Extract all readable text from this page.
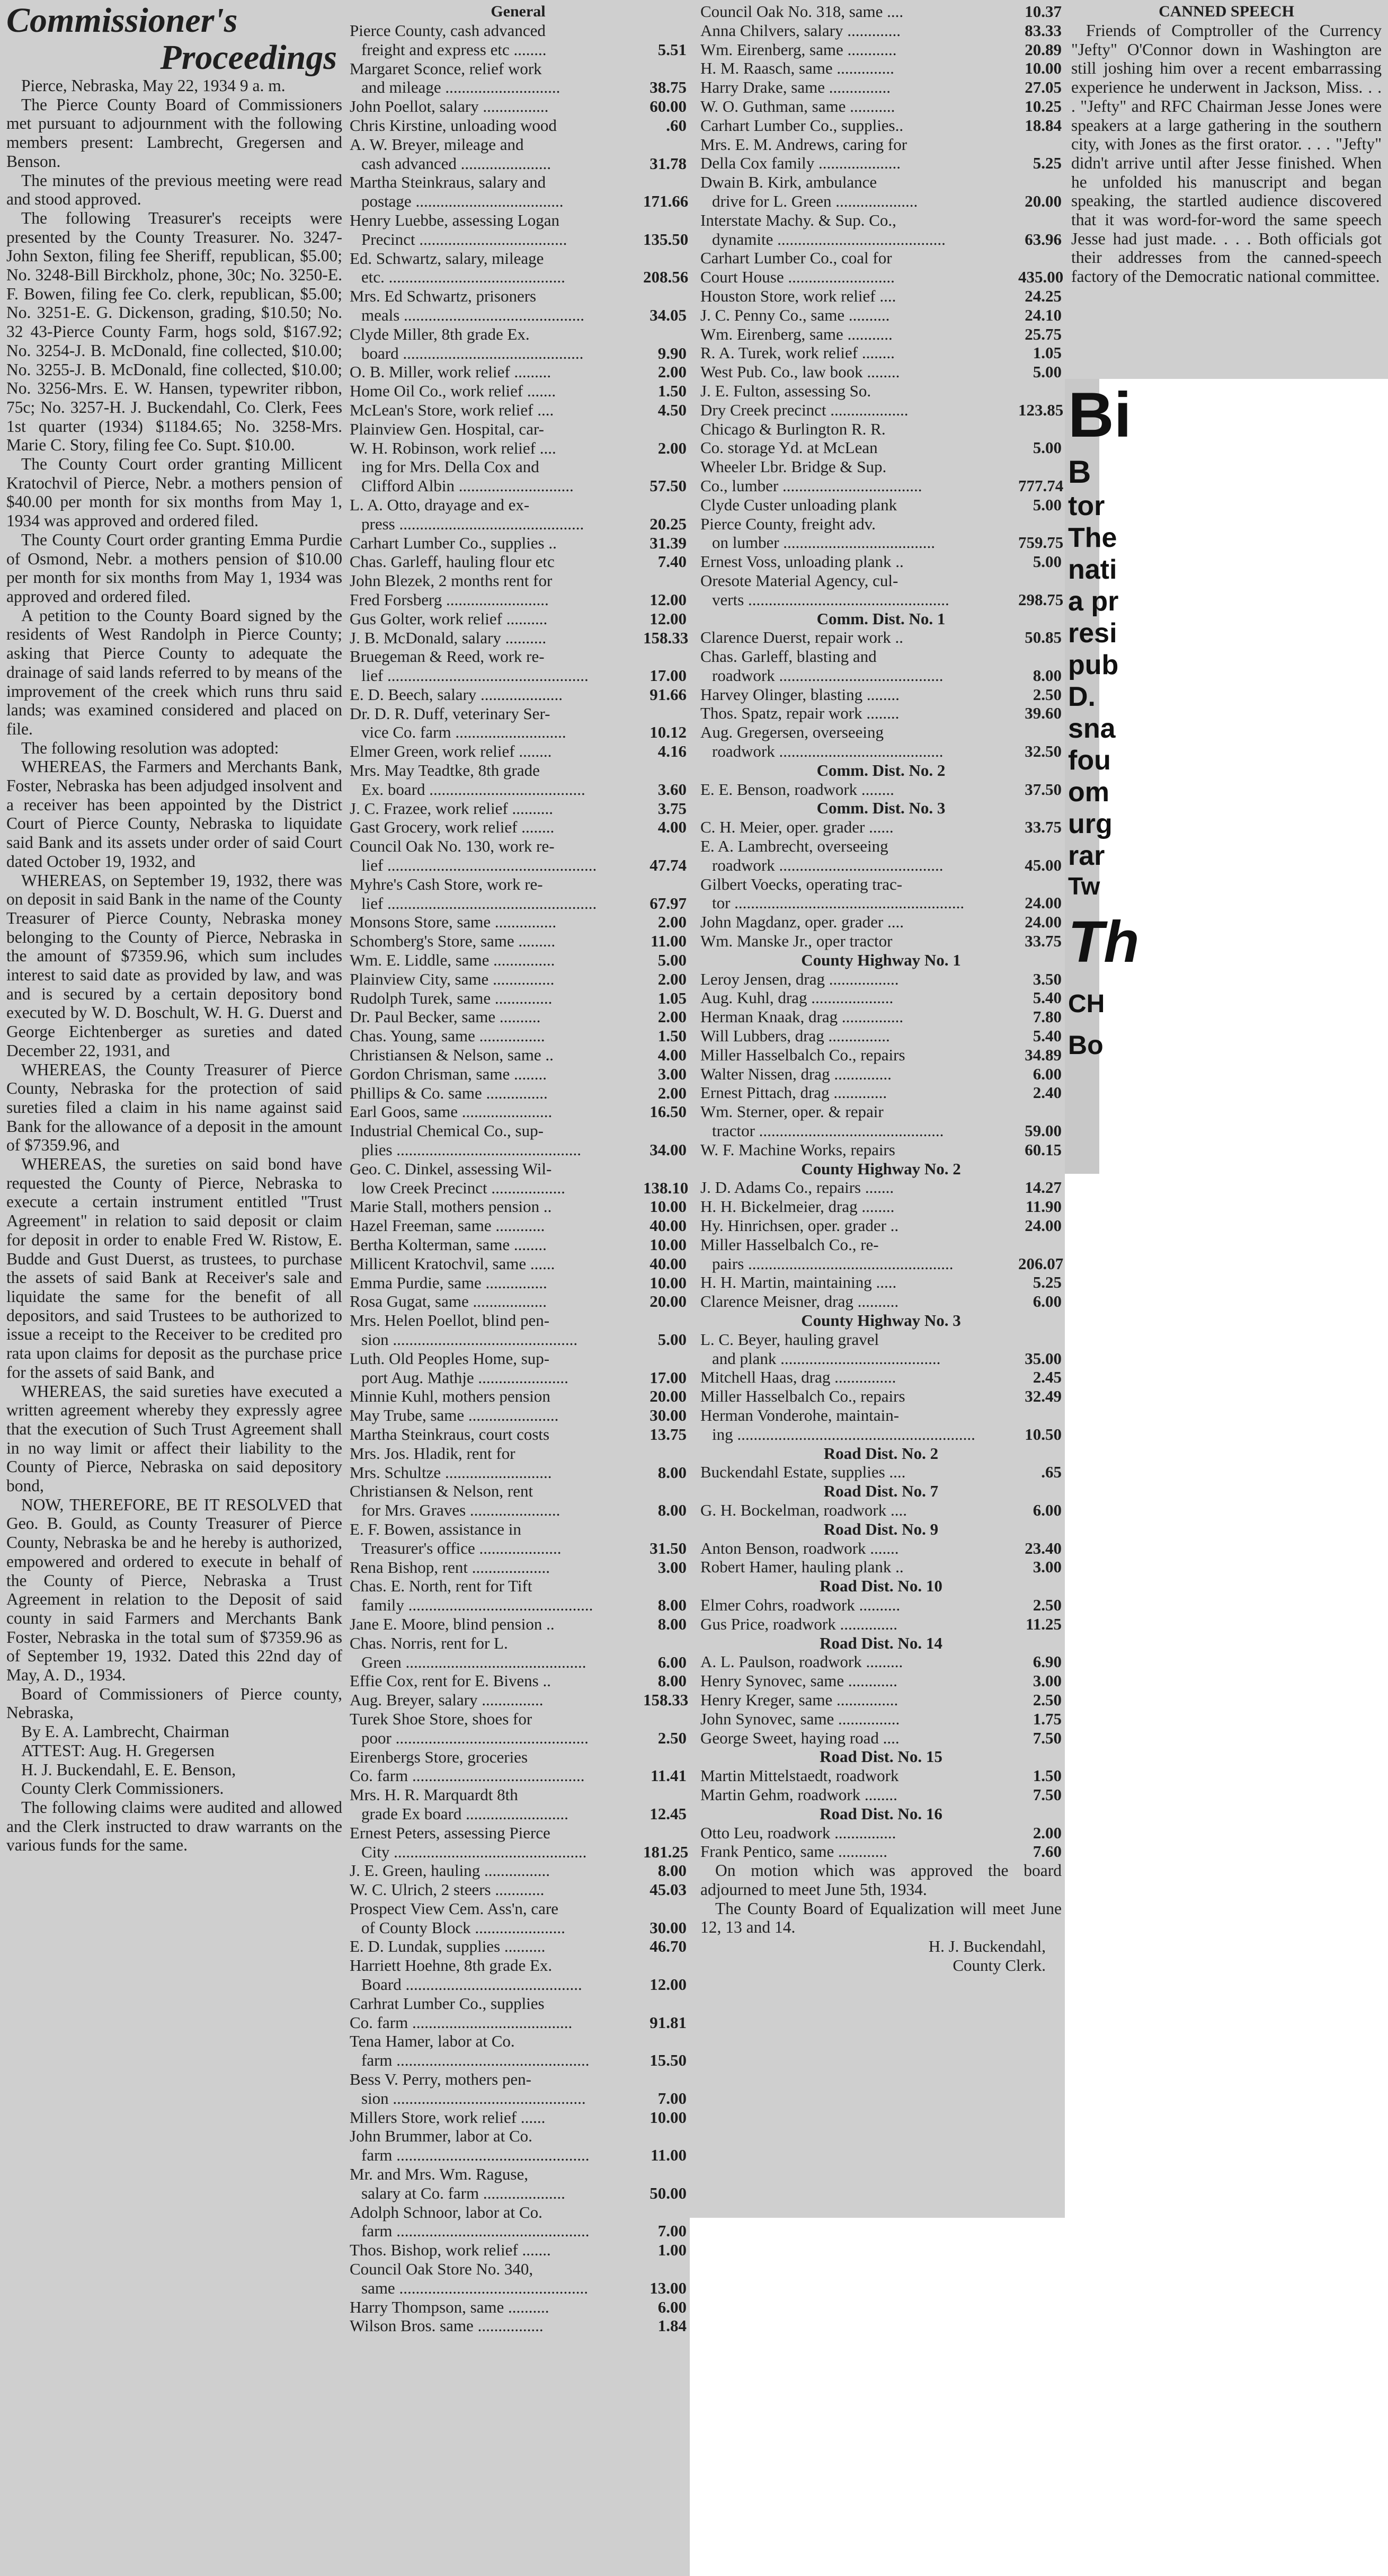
Commissioner's
Proceedings

Pierce, Nebraska, May 22, 1934 9 a. m.

The Pierce County Board of Commissioners met pursuant to adjournment with the following members present: Lambrecht, Gregersen and Benson.

The minutes of the previous meeting were read and stood approved.

The following Treasurer's receipts were presented by the County Treasurer. No. 3247-John Sexton, filing fee Sheriff, republican, $5.00; No. 3248-Bill Birckholz, phone, 30c; No. 3250-E. F. Bowen, filing fee Co. clerk, republican, $5.00; No. 3251-E. G. Dickenson, grading, $10.50; No. 32 43-Pierce County Farm, hogs sold, $167.92; No. 3254-J. B. McDonald, fine collected, $10.00; No. 3255-J. B. McDonald, fine collected, $10.00; No. 3256-Mrs. E. W. Hansen, typewriter ribbon, 75c; No. 3257-H. J. Buckendahl, Co. Clerk, Fees 1st quarter (1934) $1184.65; No. 3258-Mrs. Marie C. Story, filing fee Co. Supt. $10.00.

The County Court order granting Millicent Kratochvil of Pierce, Nebr. a mothers pension of $40.00 per month for six months from May 1, 1934 was approved and ordered filed.

The County Court order granting Emma Purdie of Osmond, Nebr. a mothers pension of $10.00 per month for six months from May 1, 1934 was approved and ordered filed.

A petition to the County Board signed by the residents of West Randolph in Pierce County; asking that Pierce County to adequate the drainage of said lands referred to by means of the improvement of the creek which runs thru said lands; was examined considered and placed on file.

The following resolution was adopted:

WHEREAS, the Farmers and Merchants Bank, Foster, Nebraska has been adjudged insolvent and a receiver has been appointed by the District Court of Pierce County, Nebraska to liquidate said Bank and its assets under order of said Court dated October 19, 1932, and

WHEREAS, on September 19, 1932, there was on deposit in said Bank in the name of the County Treasurer of Pierce County, Nebraska money belonging to the County of Pierce, Nebraska in the amount of $7359.96, which sum includes interest to said date as provided by law, and was and is secured by a certain depository bond executed by W. D. Boschult, W. H. G. Duerst and George Eichtenberger as sureties and dated December 22, 1931, and

WHEREAS, the County Treasurer of Pierce County, Nebraska for the protection of said sureties filed a claim in his name against said Bank for the allowance of a deposit in the amount of $7359.96, and

WHEREAS, the sureties on said bond have requested the County of Pierce, Nebraska to execute a certain instrument entitled "Trust Agreement" in relation to said deposit or claim for deposit in order to enable Fred W. Ristow, E. Budde and Gust Duerst, as trustees, to purchase the assets of said Bank at Receiver's sale and liquidate the same for the benefit of all depositors, and said Trustees to be authorized to issue a receipt to the Receiver to be credited pro rata upon claims for deposit as the purchase price for the assets of said Bank, and

WHEREAS, the said sureties have executed a written agreement whereby they expressly agree that the execution of Such Trust Agreement shall in no way limit or affect their liability to the County of Pierce, Nebraska on said depository bond,

NOW, THEREFORE, BE IT RESOLVED that Geo. B. Gould, as County Treasurer of Pierce County, Nebraska be and he hereby is authorized, empowered and ordered to execute in behalf of the County of Pierce, Nebraska a Trust Agreement in relation to the Deposit of said county in said Farmers and Merchants Bank Foster, Nebraska in the total sum of $7359.96 as of September 19, 1932. Dated this 22nd day of May, A. D., 1934.

Board of Commissioners of Pierce county, Nebraska,

By E. A. Lambrecht, Chairman

ATTEST: Aug. H. Gregersen

H. J. Buckendahl, E. E. Benson,

County Clerk Commissioners.

The following claims were audited and allowed and the Clerk instructed to draw warrants on the various funds for the same.

General

Pierce County, cash advanced
freight and express etc ........	5.51
Margaret Sconce, relief work
and mileage ............................	38.75
John Poellot, salary ................	60.00
Chris Kirstine, unloading wood	.60
A. W. Breyer, mileage and
cash advanced ......................	31.78
Martha Steinkraus, salary and
postage ....................................	171.66
Henry Luebbe, assessing Logan
Precinct ....................................	135.50
Ed. Schwartz, salary, mileage
etc. ...........................................	208.56
Mrs. Ed Schwartz, prisoners
meals ............................................	34.05
Clyde Miller, 8th grade Ex.
board ............................................	9.90
O. B. Miller, work relief .........	2.00
Home Oil Co., work relief .......	1.50
McLean's Store, work relief ....	4.50
Plainview Gen. Hospital, car-
W. H. Robinson, work relief ....	2.00
ing for Mrs. Della Cox and
Clifford Albin ............................	57.50
L. A. Otto, drayage and ex-
press .............................................	20.25
Carhart Lumber Co., supplies ..	31.39
Chas. Garleff, hauling flour etc	7.40
John Blezek, 2 months rent for
Fred Forsberg .........................	12.00
Gus Golter, work relief ..........	12.00
J. B. McDonald, salary ..........	158.33
Bruegeman & Reed, work re-
lief .................................................	17.00
E. D. Beech, salary ....................	91.66
Dr. D. R. Duff, veterinary Ser-
vice Co. farm ...........................	10.12
Elmer Green, work relief ........	4.16
Mrs. May Teadtke, 8th grade
Ex. board ......................................	3.60
J. C. Frazee, work relief ..........	3.75
Gast Grocery, work relief ........	4.00
Council Oak No. 130, work re-
lief ...................................................	47.74
Myhre's Cash Store, work re-
lief ...................................................	67.97
Monsons Store, same ...............	2.00
Schomberg's Store, same .........	11.00
Wm. E. Liddle, same ...............	5.00
Plainview City, same ...............	2.00
Rudolph Turek, same ..............	1.05
Dr. Paul Becker, same ..........	2.00
Chas. Young, same ................	1.50
Christiansen & Nelson, same ..	4.00
Gordon Chrisman, same ........	3.00
Phillips & Co. same ...............	2.00
Earl Goos, same ......................	16.50
Industrial Chemical Co., sup-
plies .............................................	34.00
Geo. C. Dinkel, assessing Wil-
low Creek Precinct ..................	138.10
Marie Stall, mothers pension ..	10.00
Hazel Freeman, same ............	40.00
Bertha Kolterman, same ........	10.00
Millicent Kratochvil, same ......	40.00
Emma Purdie, same ...............	10.00
Rosa Gugat, same ..................	20.00
Mrs. Helen Poellot, blind pen-
sion .............................................	5.00
Luth. Old Peoples Home, sup-
port Aug. Mathje ......................	17.00
Minnie Kuhl, mothers pension	20.00
May Trube, same ......................	30.00
Martha Steinkraus, court costs	13.75
Mrs. Jos. Hladik, rent for
Mrs. Schultze ..........................	8.00
Christiansen & Nelson, rent
for Mrs. Graves ......................	8.00
E. F. Bowen, assistance in
Treasurer's office ....................	31.50
Rena Bishop, rent ...................	3.00
Chas. E. North, rent for Tift
family .............................................	8.00
Jane E. Moore, blind pension ..	8.00
Chas. Norris, rent for L.
Green ............................................	6.00
Effie Cox, rent for E. Bivens ..	8.00
Aug. Breyer, salary ...............	158.33
Turek Shoe Store, shoes for
poor ...............................................	2.50
Eirenbergs Store, groceries
Co. farm ..........................................	11.41
Mrs. H. R. Marquardt 8th
grade Ex board .........................	12.45
Ernest Peters, assessing Pierce
City ...............................................	181.25
J. E. Green, hauling ................	8.00
W. C. Ulrich, 2 steers ............	45.03
Prospect View Cem. Ass'n, care
of County Block ......................	30.00
E. D. Lundak, supplies ..........	46.70
Harriett Hoehne, 8th grade Ex.
Board ...........................................	12.00
Carhrat Lumber Co., supplies
Co. farm .......................................	91.81
Tena Hamer, labor at Co.
farm ...............................................	15.50
Bess V. Perry, mothers pen-
sion ...............................................	7.00
Millers Store, work relief ......	10.00
John Brummer, labor at Co.
farm ...............................................	11.00
Mr. and Mrs. Wm. Raguse,
salary at Co. farm ....................	50.00
Adolph Schnoor, labor at Co.
farm ...............................................	7.00
Thos. Bishop, work relief .......	1.00
Council Oak Store No. 340,
same ..............................................	13.00
Harry Thompson, same ..........	6.00
Wilson Bros. same ................	1.84
Council Oak No. 318, same ....	10.37
Anna Chilvers, salary .............	83.33
Wm. Eirenberg, same ............	20.89
H. M. Raasch, same ..............	10.00
Harry Drake, same ...............	27.05
W. O. Guthman, same ...........	10.25
Carhart Lumber Co., supplies..	18.84
Mrs. E. M. Andrews, caring for
Della Cox family ....................	5.25
Dwain B. Kirk, ambulance
drive for L. Green ....................	20.00
Interstate Machy. & Sup. Co.,
dynamite .........................................	63.96
Carhart Lumber Co., coal for
Court House ..........................	435.00
Houston Store, work relief ....	24.25
J. C. Penny Co., same ..........	24.10
Wm. Eirenberg, same ...........	25.75
R. A. Turek, work relief ........	1.05
West Pub. Co., law book ........	5.00
J. E. Fulton, assessing So.
Dry Creek precinct ...................	123.85
Chicago & Burlington R. R.
Co. storage Yd. at McLean	5.00
Wheeler Lbr. Bridge & Sup.
Co., lumber ..................................	777.74
Clyde Custer unloading plank	5.00
Pierce County, freight adv.
on lumber .....................................	759.75
Ernest Voss, unloading plank ..	5.00
Oresote Material Agency, cul-
verts .................................................	298.75
Comm. Dist. No. 1
Clarence Duerst, repair work ..	50.85
Chas. Garleff, blasting and
roadwork ........................................	8.00
Harvey Olinger, blasting ........	2.50
Thos. Spatz, repair work ........	39.60
Aug. Gregersen, overseeing
roadwork ........................................	32.50
Comm. Dist. No. 2
E. E. Benson, roadwork ........	37.50
Comm. Dist. No. 3
C. H. Meier, oper. grader ......	33.75
E. A. Lambrecht, overseeing
roadwork ........................................	45.00
Gilbert Voecks, operating trac-
tor ........................................................	24.00
John Magdanz, oper. grader ....	24.00
Wm. Manske Jr., oper tractor	33.75
County Highway No. 1
Leroy Jensen, drag .................	3.50
Aug. Kuhl, drag ....................	5.40
Herman Knaak, drag ...............	7.80
Will Lubbers, drag ...............	5.40
Miller Hasselbalch Co., repairs	34.89
Walter Nissen, drag ..............	6.00
Ernest Pittach, drag .............	2.40
Wm. Sterner, oper. & repair
tractor .............................................	59.00
W. F. Machine Works, repairs	60.15
County Highway No. 2
J. D. Adams Co., repairs .......	14.27
H. H. Bickelmeier, drag ........	11.90
Hy. Hinrichsen, oper. grader ..	24.00
Miller Hasselbalch Co., re-
pairs ..................................................	206.07
H. H. Martin, maintaining .....	5.25
Clarence Meisner, drag ..........	6.00
County Highway No. 3
L. C. Beyer, hauling gravel
and plank .......................................	35.00
Mitchell Haas, drag ...............	2.45
Miller Hasselbalch Co., repairs	32.49
Herman Vonderohe, maintain-
ing ..........................................................	10.50
Road Dist. No. 2
Buckendahl Estate, supplies ....	.65
Road Dist. No. 7
G. H. Bockelman, roadwork ....	6.00
Road Dist. No. 9
Anton Benson, roadwork .......	23.40
Robert Hamer, hauling plank ..	3.00
Road Dist. No. 10
Elmer Cohrs, roadwork ..........	2.50
Gus Price, roadwork ..............	11.25
Road Dist. No. 14
A. L. Paulson, roadwork .........	6.90
Henry Synovec, same ............	3.00
Henry Kreger, same ...............	2.50
John Synovec, same ...............	1.75
George Sweet, haying road ....	7.50
Road Dist. No. 15
Martin Mittelstaedt, roadwork	1.50
Martin Gehm, roadwork ........	7.50
Road Dist. No. 16
Otto Leu, roadwork ...............	2.00
Frank Pentico, same ............	7.60

On motion which was approved the board adjourned to meet June 5th, 1934.

The County Board of Equalization will meet June 12, 13 and 14.

H. J. Buckendahl,

County Clerk.

CANNED SPEECH

Friends of Comptroller of the Currency "Jefty" O'Connor down in Washington are still joshing him over a recent embarrassing experience he underwent in Jackson, Miss. . . . "Jefty" and RFC Chairman Jesse Jones were speakers at a large gathering in the southern city, with Jones as the first orator. . . . "Jefty" didn't arrive until after Jesse finished. When he unfolded his manuscript and began speaking, the startled audience discovered that it was word-for-word the same speech Jesse had just made. . . . Both officials got their addresses from the canned-speech factory of the Democratic national committee.

Bi
B
tor
The
nati
a pr
resi
pub
D.
sna
fou
om
urg
rar
Tw
Th
CH
Bo
